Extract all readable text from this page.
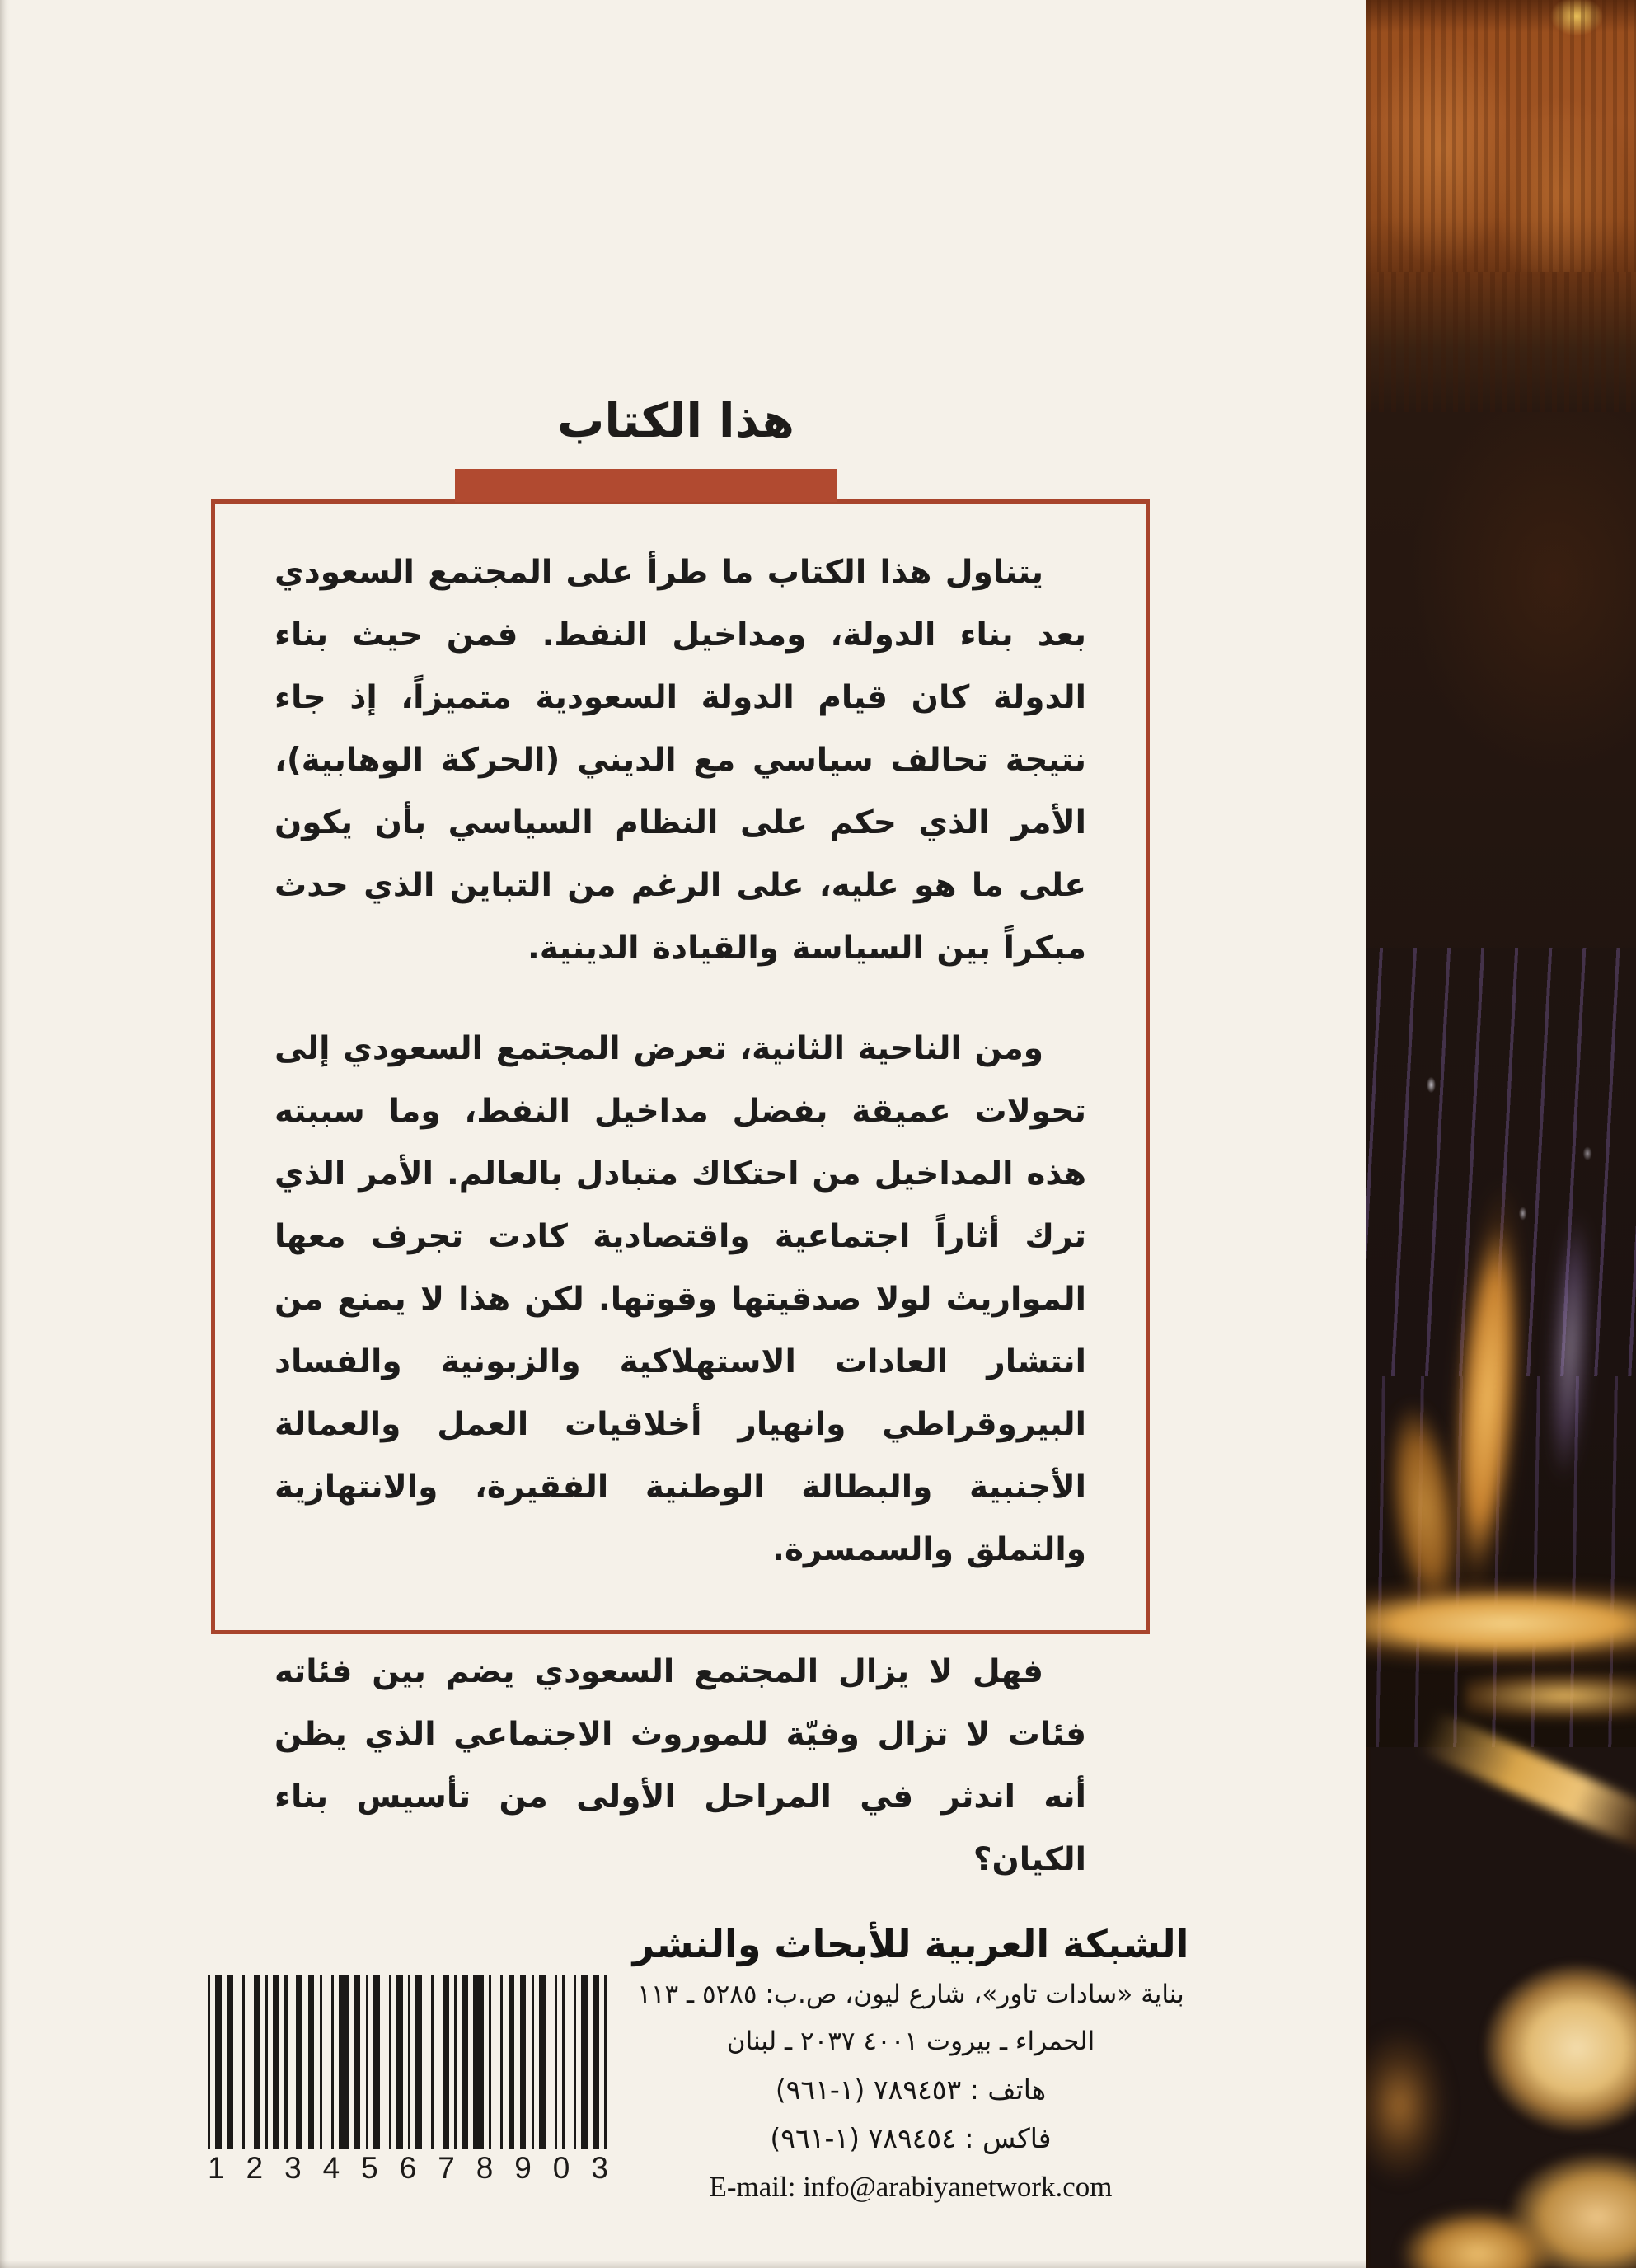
هذا الكتاب

يتناول هذا الكتاب ما طرأ على المجتمع السعودي بعد بناء الدولة، ومداخيل النفط. فمن حيث بناء الدولة كان قيام الدولة السعودية متميزاً، إذ جاء نتيجة تحالف سياسي مع الديني (الحركة الوهابية)، الأمر الذي حكم على النظام السياسي بأن يكون على ما هو عليه، على الرغم من التباين الذي حدث مبكراً بين السياسة والقيادة الدينية.

ومن الناحية الثانية، تعرض المجتمع السعودي إلى تحولات عميقة بفضل مداخيل النفط، وما سببته هذه المداخيل من احتكاك متبادل بالعالم. الأمر الذي ترك أثاراً اجتماعية واقتصادية كادت تجرف معها المواريث لولا صدقيتها وقوتها. لكن هذا لا يمنع من انتشار العادات الاستهلاكية والزبونية والفساد البيروقراطي وانهيار أخلاقيات العمل والعمالة الأجنبية والبطالة الوطنية الفقيرة، والانتهازية والتملق والسمسرة.

فهل لا يزال المجتمع السعودي يضم بين فئاته فئات لا تزال وفيّة للموروث الاجتماعي الذي يظن أنه اندثر في المراحل الأولى من تأسيس بناء الكيان؟

الشبكة العربية للأبحاث والنشر
بناية «سادات تاور»، شارع ليون، ص.ب: ٥٢٨٥ ـ ١١٣
الحمراء ـ بيروت ٤٠٠١ ٢٠٣٧ ـ لبنان
هاتف : ٧٨٩٤٥٣ (١-٩٦١)
فاكس : ٧٨٩٤٥٤ (١-٩٦١)
E-mail: info@arabiyanetwork.com
1 2 3 4 5 6 7 8 9 0 3
